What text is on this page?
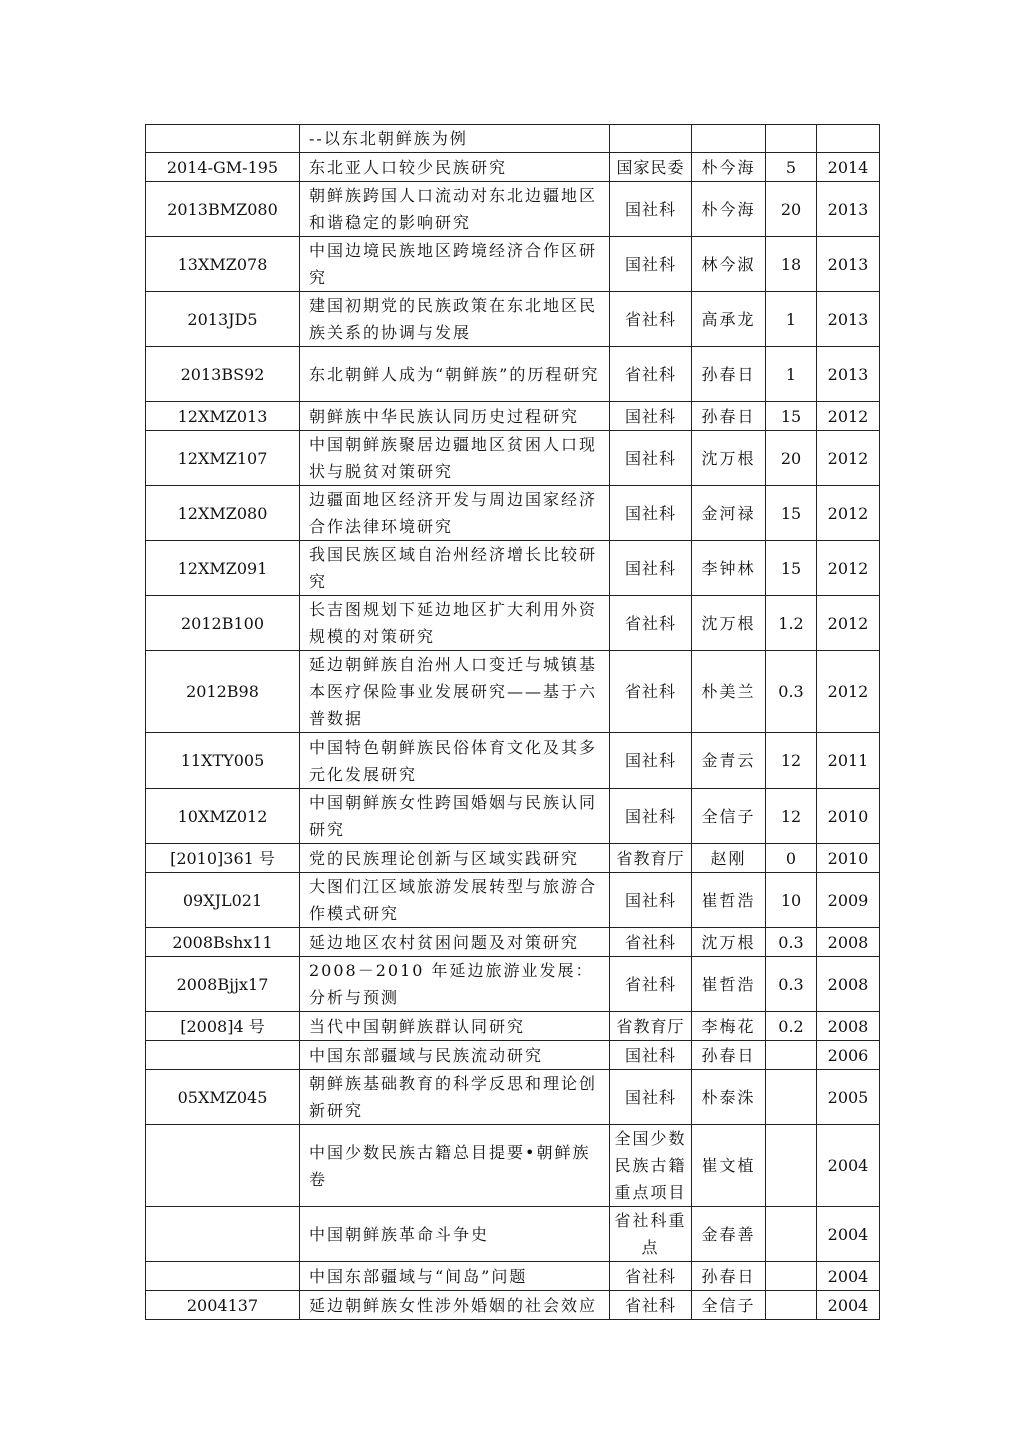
	--以东北朝鲜族为例				
2014-GM-195	东北亚人口较少民族研究	国家民委	朴今海	5	2014
2013BMZ080	朝鲜族跨国人口流动对东北边疆地区和谐稳定的影响研究	国社科	朴今海	20	2013
13XMZ078	中国边境民族地区跨境经济合作区研究	国社科	林今淑	18	2013
2013JD5	建国初期党的民族政策在东北地区民族关系的协调与发展	省社科	高承龙	1	2013
2013BS92	东北朝鲜人成为“朝鲜族”的历程研究	省社科	孙春日	1	2013
12XMZ013	朝鲜族中华民族认同历史过程研究	国社科	孙春日	15	2012
12XMZ107	中国朝鲜族聚居边疆地区贫困人口现状与脱贫对策研究	国社科	沈万根	20	2012
12XMZ080	边疆面地区经济开发与周边国家经济合作法律环境研究	国社科	金河禄	15	2012
12XMZ091	我国民族区域自治州经济增长比较研究	国社科	李钟林	15	2012
2012B100	长吉图规划下延边地区扩大利用外资规模的对策研究	省社科	沈万根	1.2	2012
2012B98	延边朝鲜族自治州人口变迁与城镇基本医疗保险事业发展研究——基于六普数据	省社科	朴美兰	0.3	2012
11XTY005	中国特色朝鲜族民俗体育文化及其多元化发展研究	国社科	金青云	12	2011
10XMZ012	中国朝鲜族女性跨国婚姻与民族认同研究	国社科	全信子	12	2010
[2010]361 号	党的民族理论创新与区域实践研究	省教育厅	赵刚	0	2010
09XJL021	大图们江区域旅游发展转型与旅游合作模式研究	国社科	崔哲浩	10	2009
2008Bshx11	延边地区农村贫困问题及对策研究	省社科	沈万根	0.3	2008
2008Bjjx17	2008－2010 年延边旅游业发展：分析与预测	省社科	崔哲浩	0.3	2008
[2008]4 号	当代中国朝鲜族群认同研究	省教育厅	李梅花	0.2	2008
	中国东部疆域与民族流动研究	国社科	孙春日		2006
05XMZ045	朝鲜族基础教育的科学反思和理论创新研究	国社科	朴泰洙		2005
	中国少数民族古籍总目提要•朝鲜族卷	全国少数民族古籍重点项目	崔文植		2004
	中国朝鲜族革命斗争史	省社科重点	金春善		2004
	中国东部疆域与“间岛”问题	省社科	孙春日		2004
2004137	延边朝鲜族女性涉外婚姻的社会效应	省社科	全信子		2004
